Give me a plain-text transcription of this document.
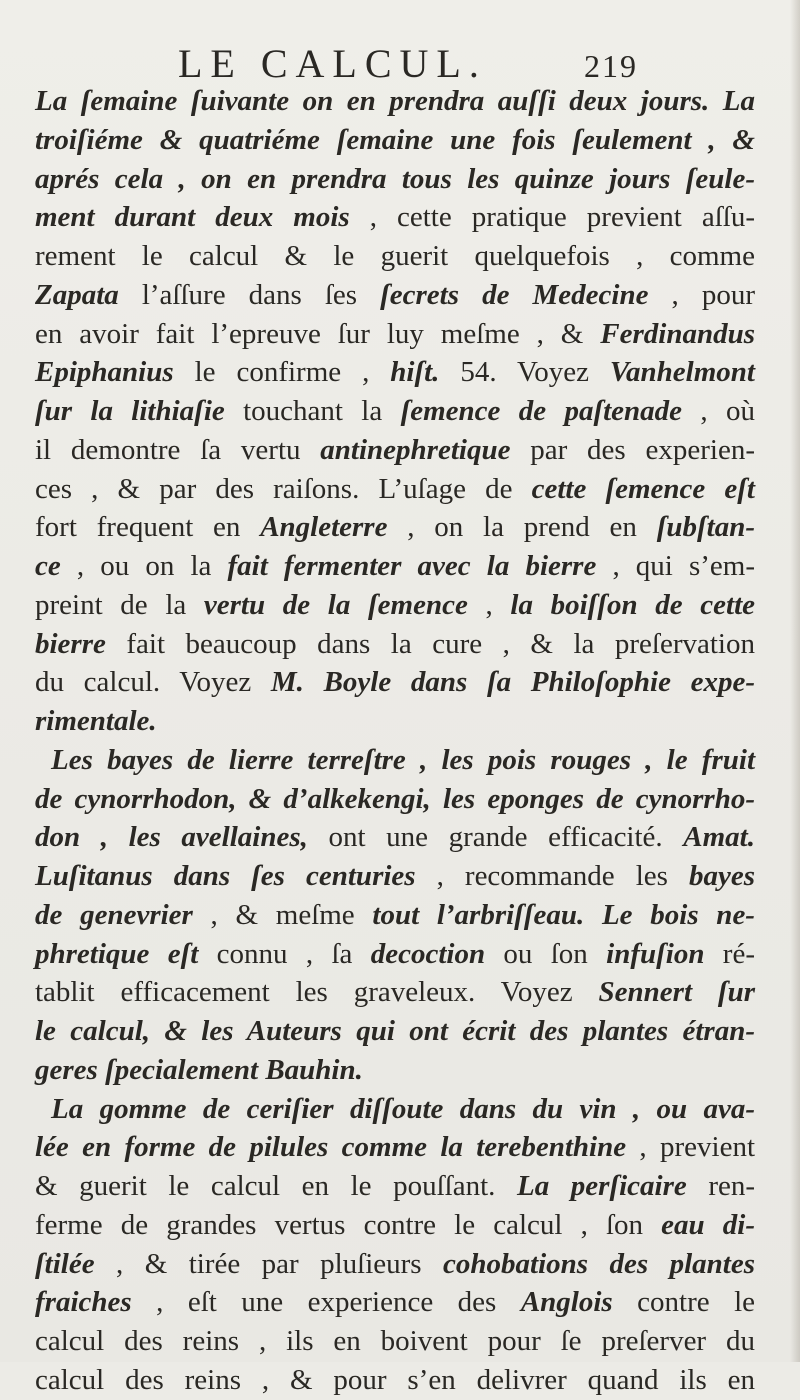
LE CALCUL.	219
La ſemaine ſuivante on en prendra auſſi deux jours. La
troiſiéme & quatriéme ſemaine une fois ſeulement , &
aprés cela , on en prendra tous les quinze jours ſeule-
ment durant deux mois , cette pratique previent aſſu-
rement le calcul & le guerit quelquefois , comme
Zapata l’aſſure dans ſes ſecrets de Medecine , pour
en avoir fait l’epreuve ſur luy meſme , & Ferdinandus
Epiphanius le confirme , hiſt. 54. Voyez Vanhelmont
ſur la lithiaſie touchant la ſemence de paſtenade , où
il demontre ſa vertu antinephretique par des experien-
ces , & par des raiſons. L’uſage de cette ſemence eſt
fort frequent en Angleterre , on la prend en ſubſtan-
ce , ou on la fait fermenter avec la bierre , qui s’em-
preint de la vertu de la ſemence , la boiſſon de cette
bierre fait beaucoup dans la cure , & la preſervation
du calcul. Voyez M. Boyle dans ſa Philoſophie expe-
rimentale.
Les bayes de lierre terreſtre , les pois rouges , le fruit
de cynorrhodon, & d’alkekengi, les eponges de cynorrho-
don , les avellaines, ont une grande efficacité. Amat.
Luſitanus dans ſes centuries , recommande les bayes
de genevrier , & meſme tout l’arbriſſeau. Le bois ne-
phretique eſt connu , ſa decoction ou ſon infuſion ré-
tablit efficacement les graveleux. Voyez Sennert ſur
le calcul, & les Auteurs qui ont écrit des plantes étran-
geres ſpecialement Bauhin.
La gomme de ceriſier diſſoute dans du vin , ou ava-
lée en forme de pilules comme la terebenthine , previent
& guerit le calcul en le pouſſant. La perſicaire ren-
ferme de grandes vertus contre le calcul , ſon eau di-
ſtilée , & tirée par pluſieurs cohobations des plantes
fraiches , eſt une experience des Anglois contre le
calcul des reins , ils en boivent pour ſe preſerver du
calcul des reins , & pour s’en delivrer quand ils en
